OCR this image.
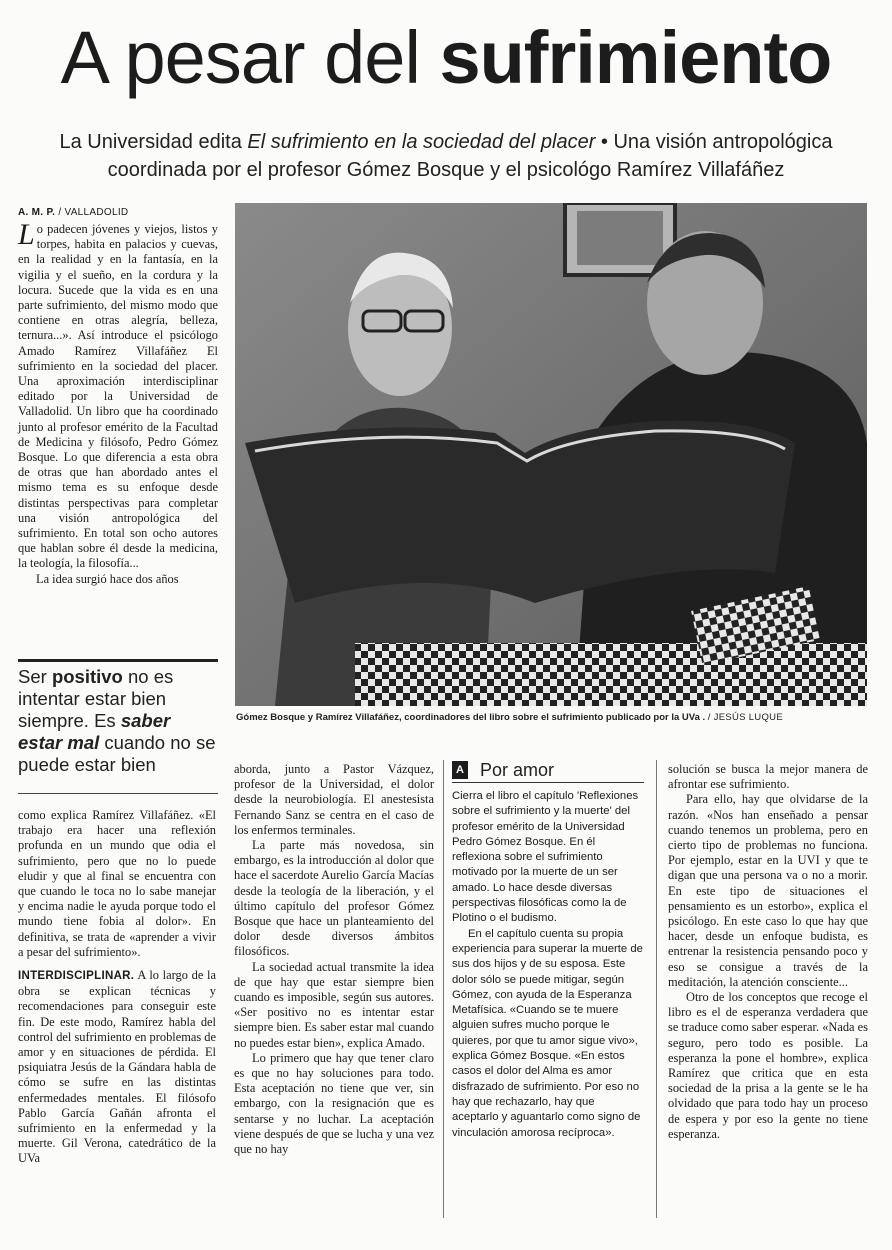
A pesar del sufrimiento
La Universidad edita El sufrimiento en la sociedad del placer • Una visión antropológica coordinada por el profesor Gómez Bosque y el psicológo Ramírez Villafáñez
A. M. P. / VALLADOLID

Lo padecen jóvenes y viejos, listos y torpes, habita en palacios y cuevas, en la realidad y en la fantasía, en la vigilia y el sueño, en la cordura y la locura. Sucede que la vida es en una parte sufrimiento, del mismo modo que contiene en otras alegría, belleza, ternura...». Así introduce el psicólogo Amado Ramírez Villafáñez El sufrimiento en la sociedad del placer. Una aproximación interdisciplinar editado por la Universidad de Valladolid. Un libro que ha coordinado junto al profesor emérito de la Facultad de Medicina y filósofo, Pedro Gómez Bosque. Lo que diferencia a esta obra de otras que han abordado antes el mismo tema es su enfoque desde distintas perspectivas para completar una visión antropológica del sufrimiento. En total son ocho autores que hablan sobre él desde la medicina, la teología, la filosofía...

La idea surgió hace dos años

Gómez Bosque y Ramírez Villafáñez, coordinadores del libro sobre el sufrimiento publicado por la UVa . / JESÚS LUQUE
Ser positivo no es intentar estar bien siempre. Es saber estar mal cuando no se puede estar bien

como explica Ramírez Villafáñez. «El trabajo era hacer una reflexión profunda en un mundo que odia el sufrimiento, pero que no lo puede eludir y que al final se encuentra con que cuando le toca no lo sabe manejar y encima nadie le ayuda porque todo el mundo tiene fobia al dolor». En definitiva, se trata de «aprender a vivir a pesar del sufrimiento».

INTERDISCIPLINAR. A lo largo de la obra se explican técnicas y recomendaciones para conseguir este fin. De este modo, Ramírez habla del control del sufrimiento en problemas de amor y en situaciones de pérdida. El psiquiatra Jesús de la Gándara habla de cómo se sufre en las distintas enfermedades mentales. El filósofo Pablo García Gañán afronta el sufrimiento en la enfermedad y la muerte. Gil Verona, catedrático de la UVa

aborda, junto a Pastor Vázquez, profesor de la Universidad, el dolor desde la neurobiología. El anestesista Fernando Sanz se centra en el caso de los enfermos terminales.

La parte más novedosa, sin embargo, es la introducción al dolor que hace el sacerdote Aurelio García Macías desde la teología de la liberación, y el último capítulo del profesor Gómez Bosque que hace un planteamiento del dolor desde diversos ámbitos filosóficos.

La sociedad actual transmite la idea de que hay que estar siempre bien cuando es imposible, según sus autores. «Ser positivo no es intentar estar siempre bien. Es saber estar mal cuando no puedes estar bien», explica Amado.

Lo primero que hay que tener claro es que no hay soluciones para todo. Esta aceptación no tiene que ver, sin embargo, con la resignación que es sentarse y no luchar. La aceptación viene después de que se lucha y una vez que no hay

A Por amor

Cierra el libro el capítulo 'Reflexiones sobre el sufrimiento y la muerte' del profesor emérito de la Universidad Pedro Gómez Bosque. En él reflexiona sobre el sufrimiento motivado por la muerte de un ser amado. Lo hace desde diversas perspectivas filosóficas como la de Plotino o el budismo.

En el capítulo cuenta su propia experiencia para superar la muerte de sus dos hijos y de su esposa. Este dolor sólo se puede mitigar, según Gómez, con ayuda de la Esperanza Metafísica. «Cuando se te muere alguien sufres mucho porque le quieres, por que tu amor sigue vivo», explica Gómez Bosque. «En estos casos el dolor del Alma es amor disfrazado de sufrimiento. Por eso no hay que rechazarlo, hay que aceptarlo y aguantarlo como signo de vinculación amorosa recíproca».

solución se busca la mejor manera de afrontar ese sufrimiento.

Para ello, hay que olvidarse de la razón. «Nos han enseñado a pensar cuando tenemos un problema, pero en cierto tipo de problemas no funciona. Por ejemplo, estar en la UVI y que te digan que una persona va o no a morir. En este tipo de situaciones el pensamiento es un estorbo», explica el psicólogo. En este caso lo que hay que hacer, desde un enfoque budista, es entrenar la resistencia pensando poco y eso se consigue a través de la meditación, la atención consciente...

Otro de los conceptos que recoge el libro es el de esperanza verdadera que se traduce como saber esperar. «Nada es seguro, pero todo es posible. La esperanza la pone el hombre», explica Ramírez que critica que en esta sociedad de la prisa a la gente se le ha olvidado que para todo hay un proceso de espera y por eso la gente no tiene esperanza.
